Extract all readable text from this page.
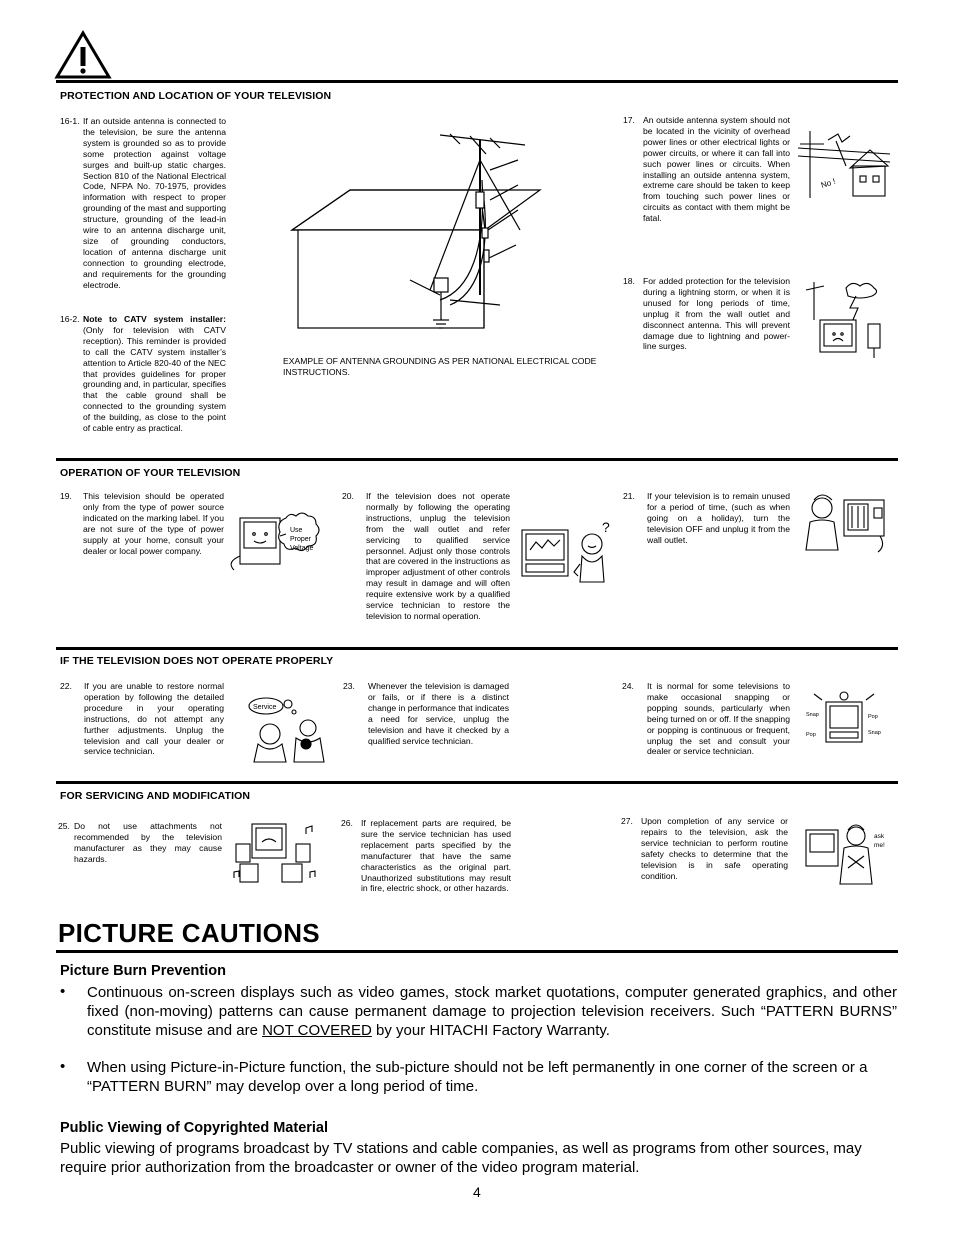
PROTECTION AND LOCATION OF YOUR TELEVISION
16-1. If an outside antenna is connected to the television, be sure the antenna system is grounded so as to provide some protection against voltage surges and built-up static charges. Section 810 of the National Electrical Code, NFPA No. 70-1975, provides information with respect to proper grounding of the mast and supporting structure, grounding of the lead-in wire to an antenna discharge unit, size of grounding conductors, location of antenna discharge unit connection to grounding electrode, and requirements for the grounding electrode.
16-2. Note to CATV system installer: (Only for television with CATV reception). This reminder is provided to call the CATV system installer’s attention to Article 820-40 of the NEC that provides guidelines for proper grounding and, in particular, specifies that the cable ground shall be connected to the grounding system of the building, as close to the point of cable entry as practical.
EXAMPLE OF ANTENNA GROUNDING AS PER NATIONAL ELECTRICAL CODE INSTRUCTIONS.
17. An outside antenna system should not be located in the vicinity of overhead power lines or other electrical lights or power circuits, or where it can fall into such power lines or circuits. When installing an outside antenna system, extreme care should be taken to keep from touching such power lines or circuits as contact with them might be fatal.
No !
18. For added protection for the television during a lightning storm, or when it is unused for long periods of time, unplug it from the wall outlet and disconnect antenna. This will prevent damage due to lightning and power-line surges.
OPERATION OF YOUR TELEVISION
19. This television should be operated only from the type of power source indicated on the marking label. If you are not sure of the type of power supply at your home, consult your dealer or local power company.
Use Proper Voltage
20. If the television does not operate normally by following the operating instructions, unplug the television from the wall outlet and refer servicing to qualified service personnel. Adjust only those controls that are covered in the instructions as improper adjustment of other controls may result in damage and will often require extensive work by a qualified service technician to restore the television to normal operation.
?
21. If your television is to remain unused for a period of time, (such as when going on a holiday), turn the television OFF and unplug it from the wall outlet.
IF THE TELEVISION DOES NOT OPERATE PROPERLY
22. If you are unable to restore normal operation by following the detailed procedure in your operating instructions, do not attempt any further adjustments. Unplug the television and call your dealer or service technician.
Service
23. Whenever the television is damaged or fails, or if there is a distinct change in performance that indicates a need for service, unplug the television and have it checked by a qualified service technician.
24. It is normal for some televisions to make occasional snapping or popping sounds, particularly when being turned on or off. If the snapping or popping is continuous or frequent, unplug the set and consult your dealer or service technician.
Snap	Pop Pop	Snap
FOR SERVICING AND MODIFICATION
25. Do not use attachments not recommended by the television manufacturer as they may cause hazards.
26. If replacement parts are required, be sure the service technician has used replacement parts specified by the manufacturer that have the same characteristics as the original part. Unauthorized substitutions may result in fire, electric shock, or other hazards.
27. Upon completion of any service or repairs to the television, ask the service technician to perform routine safety checks to determine that the television is in safe operating condition.
ask me!
PICTURE CAUTIONS
Picture Burn Prevention
• Continuous on-screen displays such as video games, stock market quotations, computer generated graphics, and other fixed (non-moving) patterns can cause permanent damage to projection television receivers. Such “PATTERN BURNS” constitute misuse and are NOT COVERED by your HITACHI Factory Warranty.
• When using Picture-in-Picture function, the sub-picture should not be left permanently in one corner of the screen or a “PATTERN BURN” may develop over a long period of time.
Public Viewing of Copyrighted Material
Public viewing of programs broadcast by TV stations and cable companies, as well as programs from other sources, may require prior authorization from the broadcaster or owner of the video program material.
4
